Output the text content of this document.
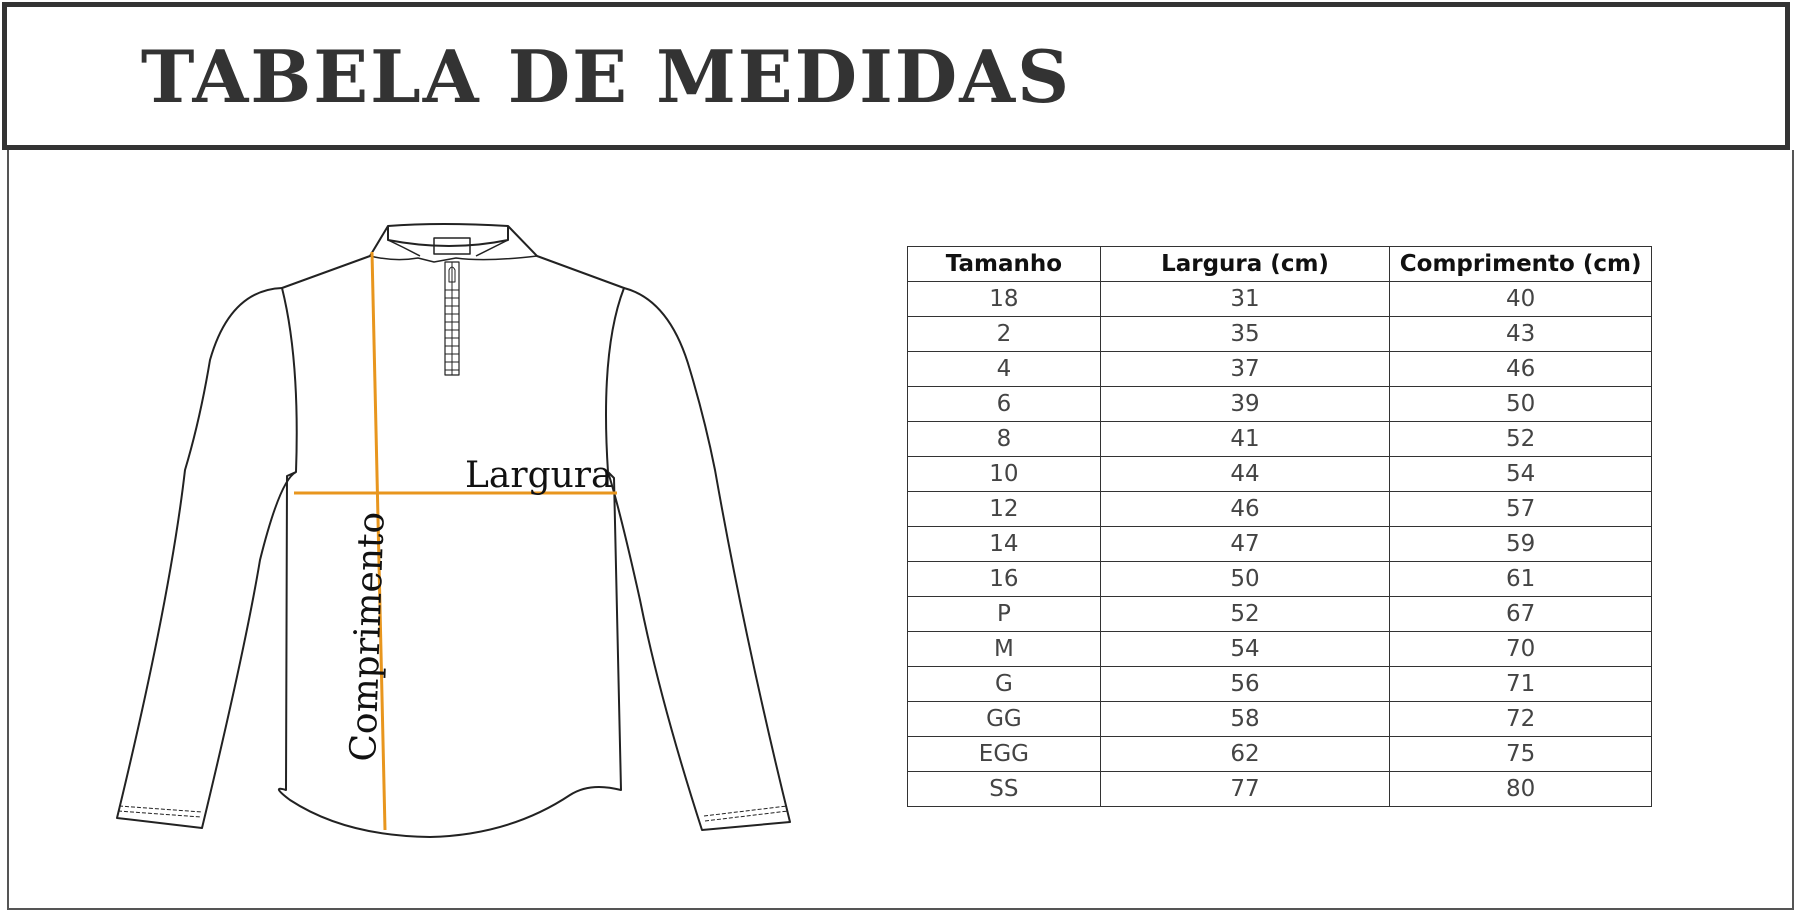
TABELA DE MEDIDAS
Largura
Comprimento
Tamanho	Largura (cm)	Comprimento (cm)
18	31	40
2	35	43
4	37	46
6	39	50
8	41	52
10	44	54
12	46	57
14	47	59
16	50	61
P	52	67
M	54	70
G	56	71
GG	58	72
EGG	62	75
SS	77	80
